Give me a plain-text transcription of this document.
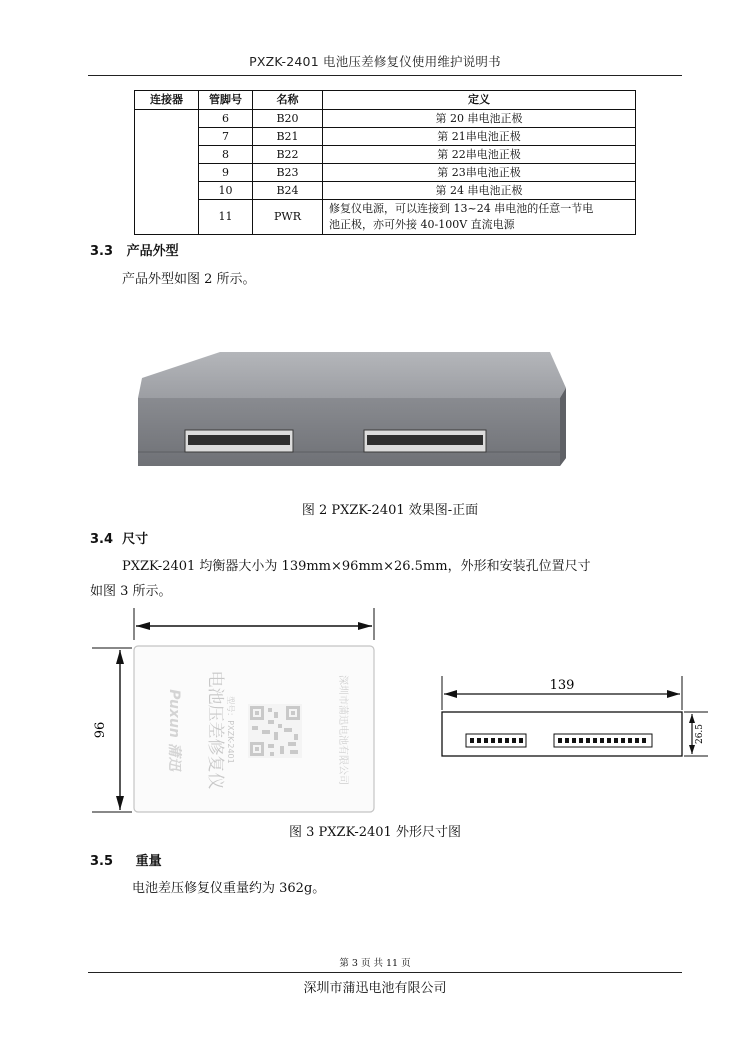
PXZK-2401 电池压差修复仪使用维护说明书
连接器	管脚号	名称	定义
	6	B20	第 20 串电池正极
	7	B21	第 21串电池正极
	8	B22	第 22串电池正极
	9	B23	第 23串电池正极
	10	B24	第 24 串电池正极
	11	PWR	修复仪电源，可以连接到 13~24 串电池的任意一节电
池正极，亦可外接 40-100V 直流电源
3.3 产品外型
产品外型如图 2 所示。
图 2 PXZK-2401 效果图-正面
3.4 尺寸
PXZK-2401 均衡器大小为 139mm×96mm×26.5mm，外形和安装孔位置尺寸
如图 3 所示。
96	Puxun 蒲迅 电池压差修复仪 型号：PXZK-2401	深圳市蒲迅电池有限公司	139
26.5
图 3 PXZK-2401 外形尺寸图
3.5 重量
电池差压修复仪重量约为 362g。
第 3 页 共 11 页
深圳市蒲迅电池有限公司
